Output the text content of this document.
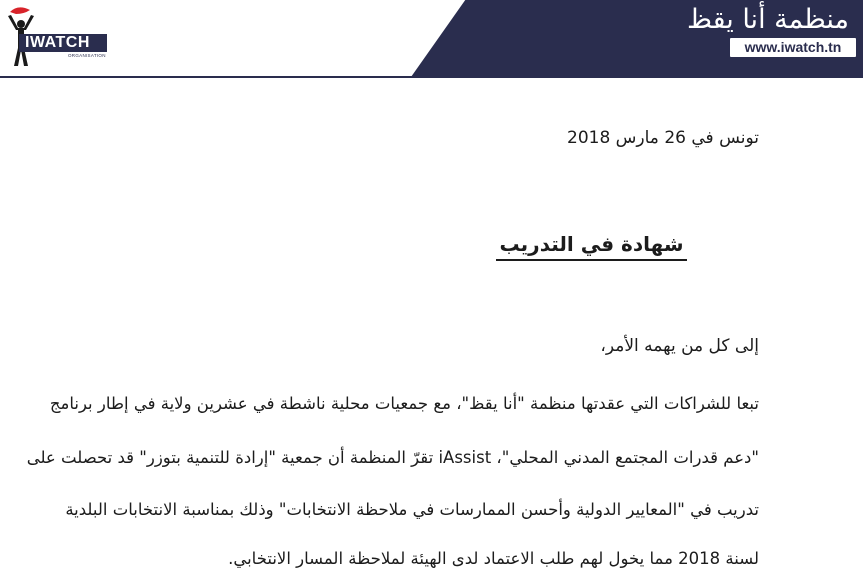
IWATCH
ORGANISATION
منظمة أنا يقظ
www.iwatch.tn
تونس في 26 مارس 2018
شهادة في التدريب
إلى كل من يهمه الأمر،
تبعا للشراكات التي عقدتها منظمة "أنا يقظ"، مع جمعيات محلية ناشطة في عشرين ولاية في إطار برنامج
"دعم قدرات المجتمع المدني المحلي"، iAssist تقرّ المنظمة أن جمعية "إرادة للتنمية بتوزر" قد تحصلت على
تدريب في "المعايير الدولية وأحسن الممارسات في ملاحظة الانتخابات" وذلك بمناسبة الانتخابات البلدية
لسنة 2018 مما يخول لهم طلب الاعتماد لدى الهيئة لملاحظة المسار الانتخابي.
